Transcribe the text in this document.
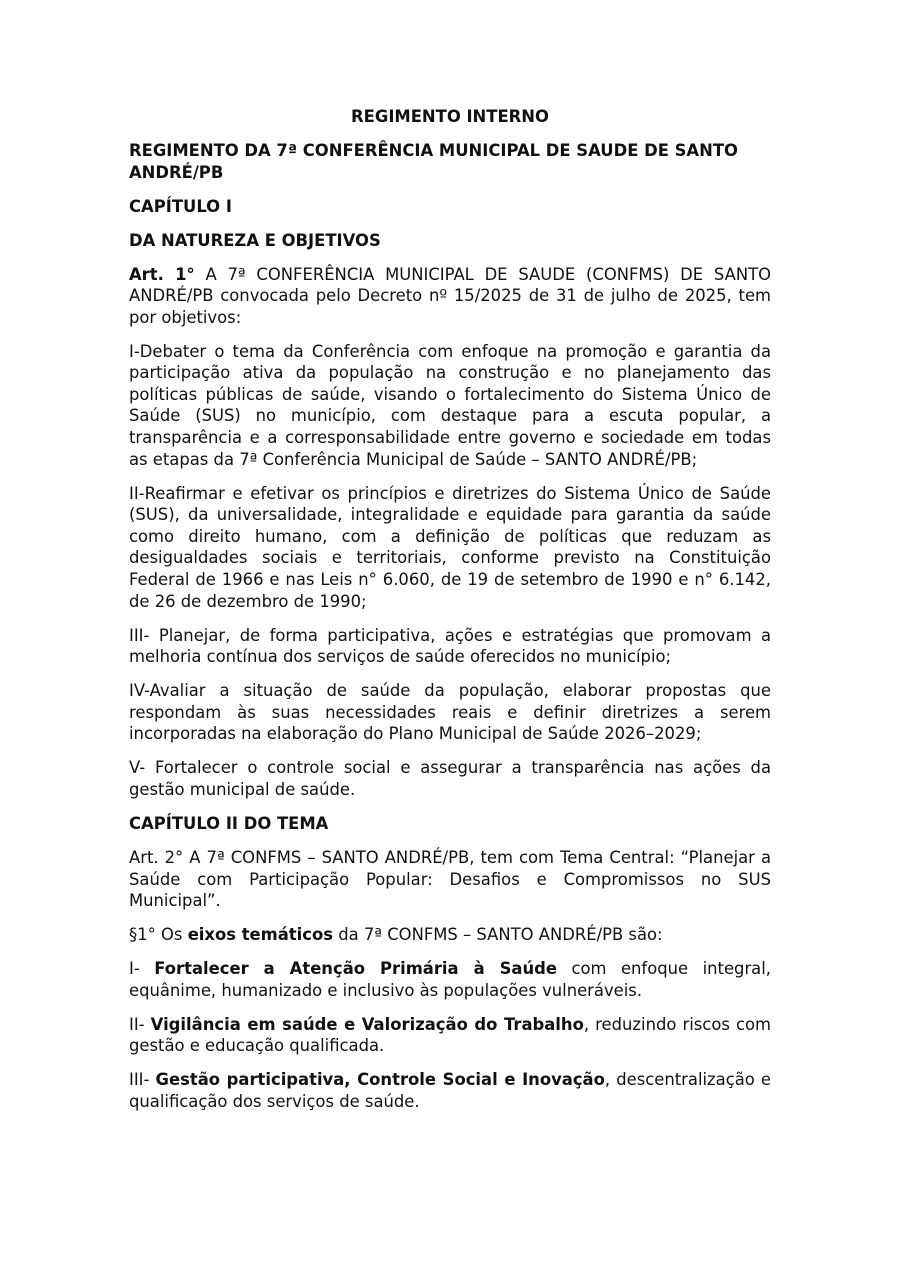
REGIMENTO INTERNO

REGIMENTO DA 7ª CONFERÊNCIA MUNICIPAL DE SAUDE DE SANTO ANDRÉ/PB

CAPÍTULO I

DA NATUREZA E OBJETIVOS

Art. 1° A 7ª CONFERÊNCIA MUNICIPAL DE SAUDE (CONFMS) DE SANTO ANDRÉ/PB convocada pelo Decreto nº 15/2025 de 31 de julho de 2025, tem por objetivos:

I-Debater o tema da Conferência com enfoque na promoção e garantia da participação ativa da população na construção e no planejamento das políticas públicas de saúde, visando o fortalecimento do Sistema Único de Saúde (SUS) no município, com destaque para a escuta popular, a transparência e a corresponsabilidade entre governo e sociedade em todas as etapas da 7ª Conferência Municipal de Saúde – SANTO ANDRÉ/PB;

II-Reafirmar e efetivar os princípios e diretrizes do Sistema Único de Saúde (SUS), da universalidade, integralidade e equidade para garantia da saúde como direito humano, com a definição de políticas que reduzam as desigualdades sociais e territoriais, conforme previsto na Constituição Federal de 1966 e nas Leis n° 6.060, de 19 de setembro de 1990 e n° 6.142, de 26 de dezembro de 1990;

III- Planejar, de forma participativa, ações e estratégias que promovam a melhoria contínua dos serviços de saúde oferecidos no município;

IV-Avaliar a situação de saúde da população, elaborar propostas que respondam às suas necessidades reais e definir diretrizes a serem incorporadas na elaboração do Plano Municipal de Saúde 2026–2029;

V- Fortalecer o controle social e assegurar a transparência nas ações da gestão municipal de saúde.

CAPÍTULO II DO TEMA

Art. 2° A 7ª CONFMS – SANTO ANDRÉ/PB, tem com Tema Central: “Planejar a Saúde com Participação Popular: Desafios e Compromissos no SUS Municipal”.

§1° Os eixos temáticos da 7ª CONFMS – SANTO ANDRÉ/PB são:

I- Fortalecer a Atenção Primária à Saúde com enfoque integral, equânime, humanizado e inclusivo às populações vulneráveis.

II- Vigilância em saúde e Valorização do Trabalho, reduzindo riscos com gestão e educação qualificada.

III- Gestão participativa, Controle Social e Inovação, descentralização e qualificação dos serviços de saúde.
